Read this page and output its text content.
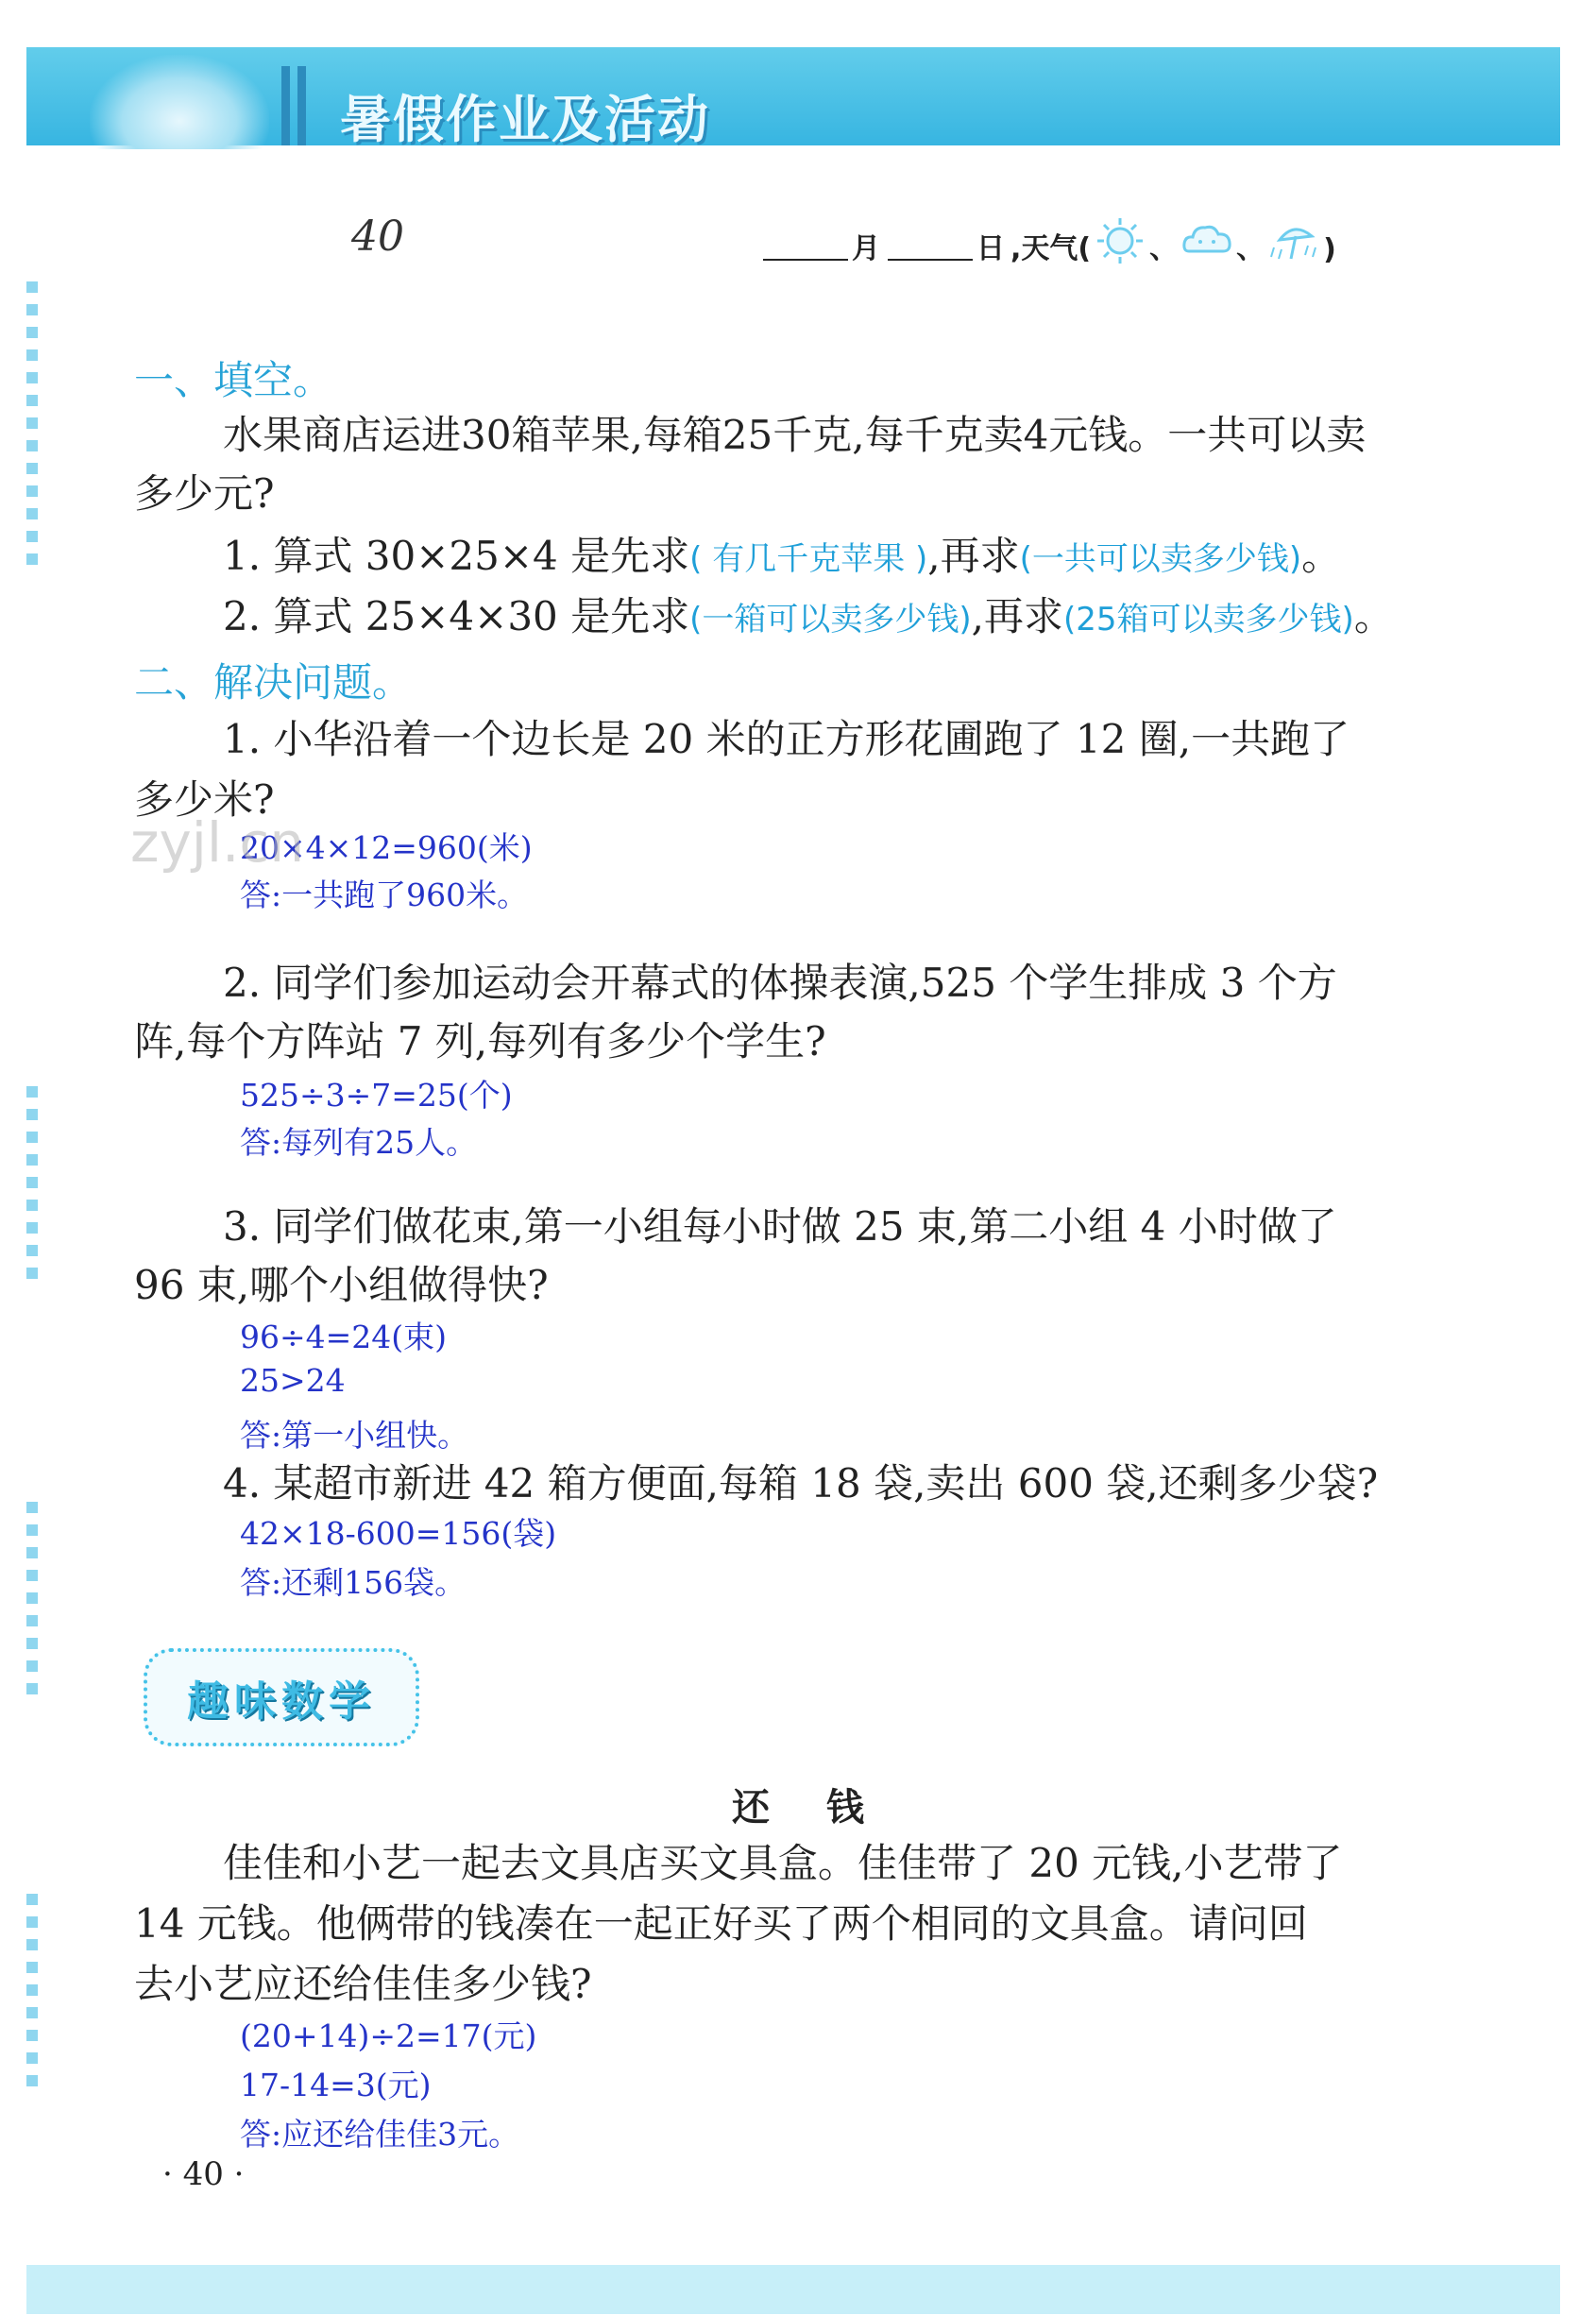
暑假作业及活动
40	月	日 ,天气( 、 、 )
一、填空。
水果商店运进30箱苹果,每箱25千克,每千克卖4元钱。一共可以卖
多少元?
1. 算式 30×25×4 是先求( 有几千克苹果 ),再求(一共可以卖多少钱)。
2. 算式 25×4×30 是先求(一箱可以卖多少钱),再求(25箱可以卖多少钱)。
二、解决问题。
1. 小华沿着一个边长是 20 米的正方形花圃跑了 12 圈,一共跑了
多少米?
20×4×12=960(米)
答:一共跑了960米。
zyjl.cn
2. 同学们参加运动会开幕式的体操表演,525 个学生排成 3 个方
阵,每个方阵站 7 列,每列有多少个学生?
525÷3÷7=25(个)
答:每列有25人。
3. 同学们做花束,第一小组每小时做 25 束,第二小组 4 小时做了
96 束,哪个小组做得快?
96÷4=24(束)
25>24
答:第一小组快。
4. 某超市新进 42 箱方便面,每箱 18 袋,卖出 600 袋,还剩多少袋?
42×18-600=156(袋)
答:还剩156袋。
趣味数学
还钱
佳佳和小艺一起去文具店买文具盒。佳佳带了 20 元钱,小艺带了
14 元钱。他俩带的钱凑在一起正好买了两个相同的文具盒。请问回
去小艺应还给佳佳多少钱?
(20+14)÷2=17(元)
17-14=3(元)
答:应还给佳佳3元。
· 40 ·
